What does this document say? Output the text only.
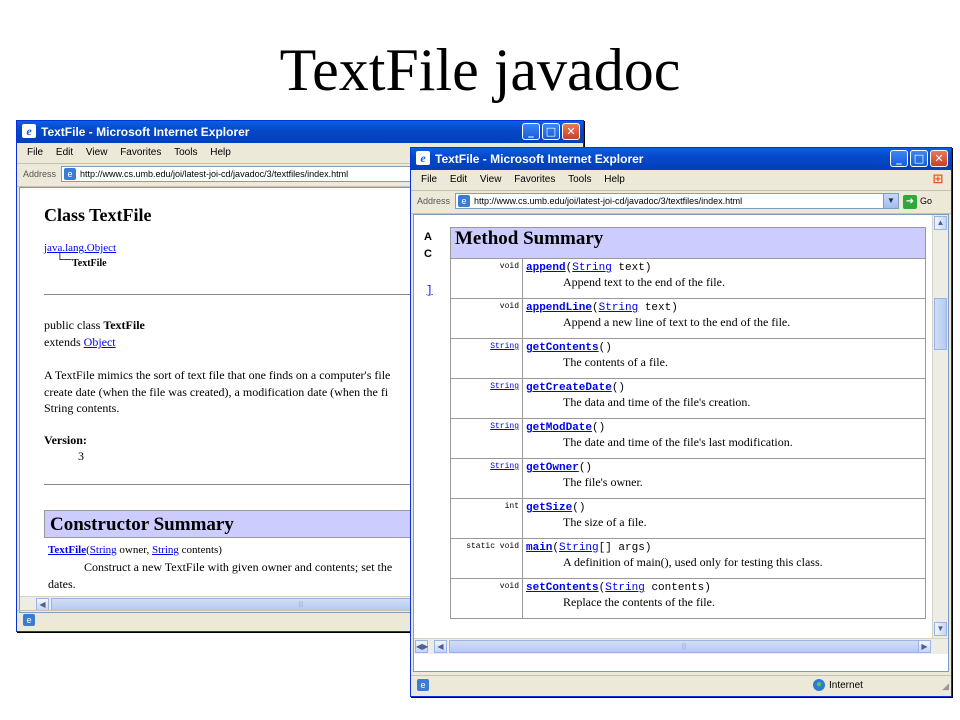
TextFile javadoc
e TextFile - Microsoft Internet Explorer	_	□ ✕
File Edit View Favorites Tools Help
Address	e http://www.cs.umb.edu/joi/latest-joi-cd/javadoc/3/textfiles/index.html
Class TextFile
java.lang.Object
└─ TextFile
public class TextFile
extends Object
A TextFile mimics the sort of text file that one finds on a computer's file
create date (when the file was created), a modification date (when the fi
String contents.
Version:
3
Constructor Summary
TextFile(String owner, String contents)
Construct a new TextFile with given owner and contents; set the
dates.
◀	|||
e
e TextFile - Microsoft Internet Explorer	_	□ ✕
File Edit View Favorites Tools Help	⊞
Address	e http://www.cs.umb.edu/joi/latest-joi-cd/javadoc/3/textfiles/index.html	▼	➜ Go
A
C
]
Method Summary	
void	append(String text)
Append text to the end of the file.

void	appendLine(String text)
Append a new line of text to the end of the file.

String	getContents()
The contents of a file.

String	getCreateDate()
The data and time of the file's creation.

String	getModDate()
The date and time of the file's last modification.

String	getOwner()
The file's owner.

int	getSize()
The size of a file.

static void	main(String[] args)
A definition of main(), used only for testing this class.

void	setContents(String contents)
Replace the contents of the file.
▲
▼
◀▶	◀	|||	▶
e	● Internet	◢
